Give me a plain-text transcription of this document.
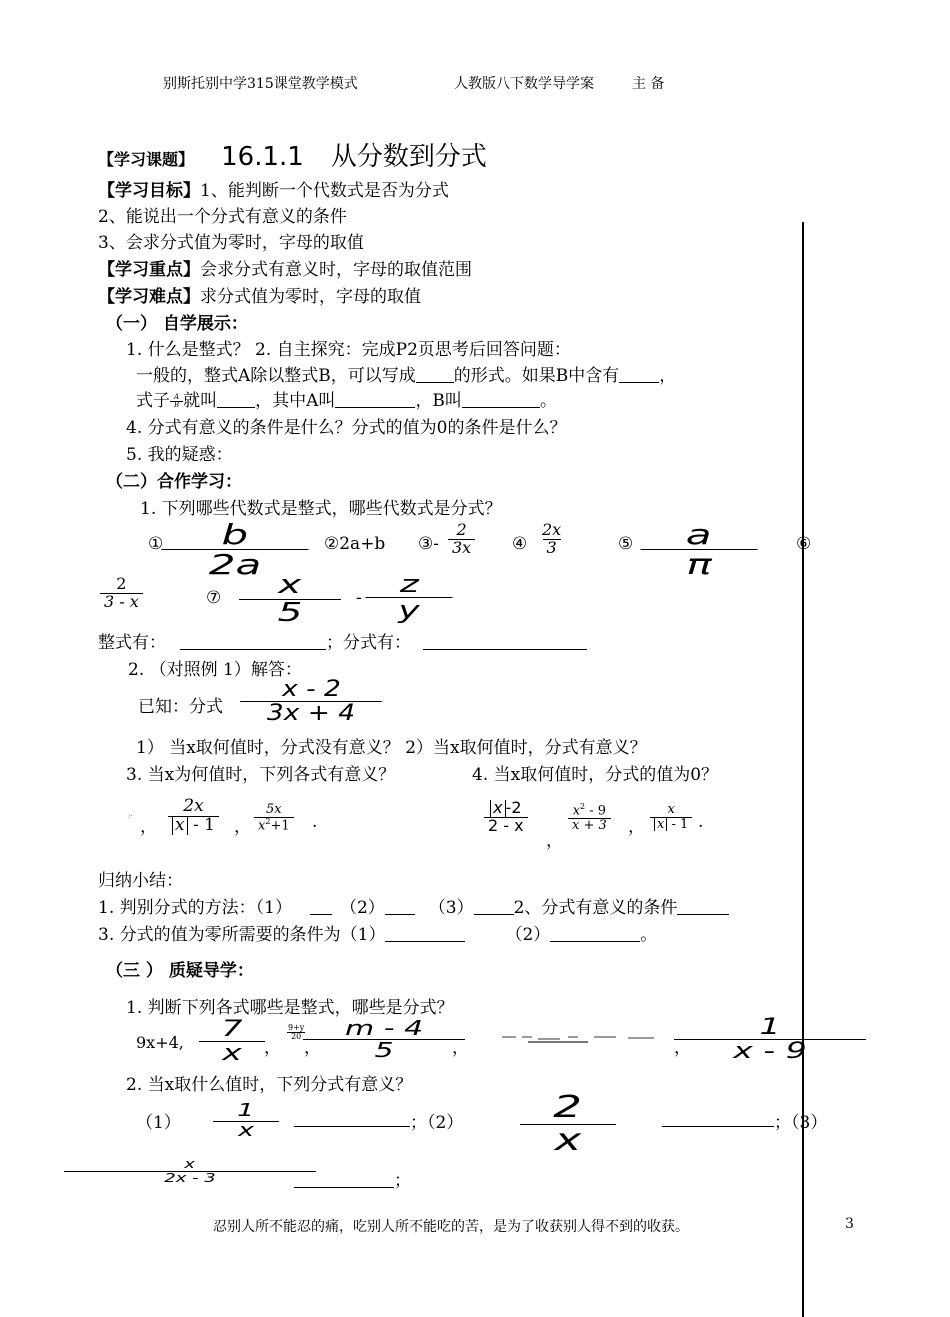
别斯托别中学315课堂教学模式	人教版八下数学导学案	主 备
【学习课题】 16.1.1 从分数到分式
【学习目标】1、能判断一个代数式是否为分式
2、能说出一个分式有意义的条件
3、会求分式值为零时，字母的取值
【学习重点】会求分式有意义时，字母的取值范围
【学习难点】求分式值为零时，字母的取值
（一） 自学展示：
1. 什么是整式？ 2. 自主探究：完成P2页思考后回答问题：
一般的，整式A除以整式B，可以写成 的形式。如果B中含有 ，
式子 $\frac{A}{B}$ 就叫 ，其中A叫	，B叫	。
4. 分式有意义的条件是什么？分式的值为0的条件是什么？
5. 我的疑惑：
（二）合作学习：
1. 下列哪些代数式是整式，哪些代数式是分式？
① $\frac{b}{2a}$	②2a+b ③- $\frac{2}{3x}$ ④ $\frac{2x}{3}$	⑤ $\frac{a}{\pi}$	⑥
$\frac{2}{3 - x}$	⑦ $\frac{x}{5}$	- $\frac{z}{y}$
整式有：	；分式有：
2. （对照例 1）解答：
已知：分式 $\frac{x - 2}{3x + 4}$
1） 当x取何值时，分式没有意义？ 2）当x取何值时，分式有意义？
3. 当x为何值时，下列各式有意义？	4. 当x取何值时，分式的值为0？
:·
， $\frac{2x}{x - 1}$ ， $\frac{5x}{x^2+1}$ .	$\frac{x -2}{2 - x}$
，
$\frac{x^2 - 9}{x + 3}$ ， $\frac{x}{x - 1}$ .
归纳小结：
1. 判别分式的方法：（1）	（2）	（3） 2、分式有意义的条件
3. 分式的值为零所需要的条件为（1）	（2）	。
（三 ） 质疑导学：
1. 判断下列各式哪些是整式，哪些是分式？
9x+4, $\frac{7}{x}$ ，
$\frac{9+y}{20}$
， $\frac{m - 4}{5}$ ，	， $\frac{1}{x - 9}$
2. 当x取什么值时，下列分式有意义？
$(1) \frac{1}{x}$	；$(2) \frac{2}{x}$	；（3）
$\frac{x}{2x - 3}$	；
忍别人所不能忍的痛，吃别人所不能吃的苦，是为了收获别人得不到的收获。	3
